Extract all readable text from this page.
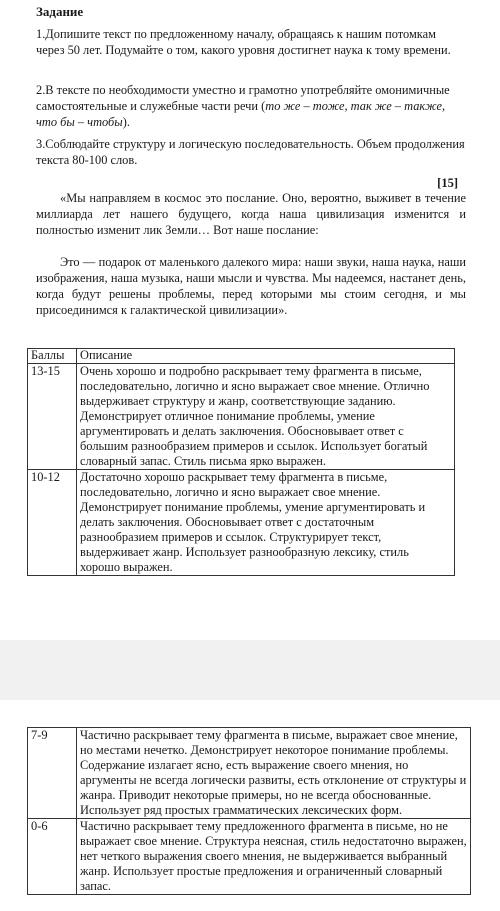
Задание
1.Допишите текст по предложенному началу, обращаясь к нашим потомкам через 50 лет. Подумайте о том, какого уровня достигнет наука к тому времени.
2.В тексте по необходимости уместно и грамотно употребляйте омонимичные самостоятельные и служебные части речи (то же – тоже, так же – также, что бы – чтобы).
3.Соблюдайте структуру и логическую последовательность. Объем продолжения текста 80-100 слов.
[15]
«Мы направляем в космос это послание. Оно, вероятно, выживет в течение миллиарда лет нашего будущего, когда наша цивилизация изменится и полностью изменит лик Земли… Вот наше послание:
Это — подарок от маленького далекого мира: наши звуки, наша наука, наши изображения, наша музыка, наши мысли и чувства. Мы надеемся, настанет день, когда будут решены проблемы, перед которыми мы стоим сегодня, и мы присоединимся к галактической цивилизации».
Баллы	Описание
13-15	Очень хорошо и подробно раскрывает тему фрагмента в письме, последовательно, логично и ясно выражает свое мнение. Отлично выдерживает структуру и жанр, соответствующие заданию. Демонстрирует отличное понимание проблемы, умение аргументировать и делать заключения. Обосновывает ответ с большим разнообразием примеров и ссылок. Использует богатый словарный запас. Стиль письма ярко выражен.
10-12	Достаточно хорошо раскрывает тему фрагмента в письме, последовательно, логично и ясно выражает свое мнение. Демонстрирует понимание проблемы, умение аргументировать и делать заключения. Обосновывает ответ с достаточным разнообразием примеров и ссылок. Структурирует текст, выдерживает жанр. Использует разнообразную лексику, стиль хорошо выражен.
7-9	Частично раскрывает тему фрагмента в письме, выражает свое мнение, но местами нечетко. Демонстрирует некоторое понимание проблемы. Содержание излагает ясно, есть выражение своего мнения, но аргументы не всегда логически развиты, есть отклонение от структуры и жанра. Приводит некоторые примеры, но не всегда обоснованные. Использует ряд простых грамматических лексических форм.
0-6	Частично раскрывает тему предложенного фрагмента в письме, но не выражает свое мнение. Структура неясная, стиль недостаточно выражен, нет четкого выражения своего мнения, не выдерживается выбранный жанр. Использует простые предложения и ограниченный словарный запас.
